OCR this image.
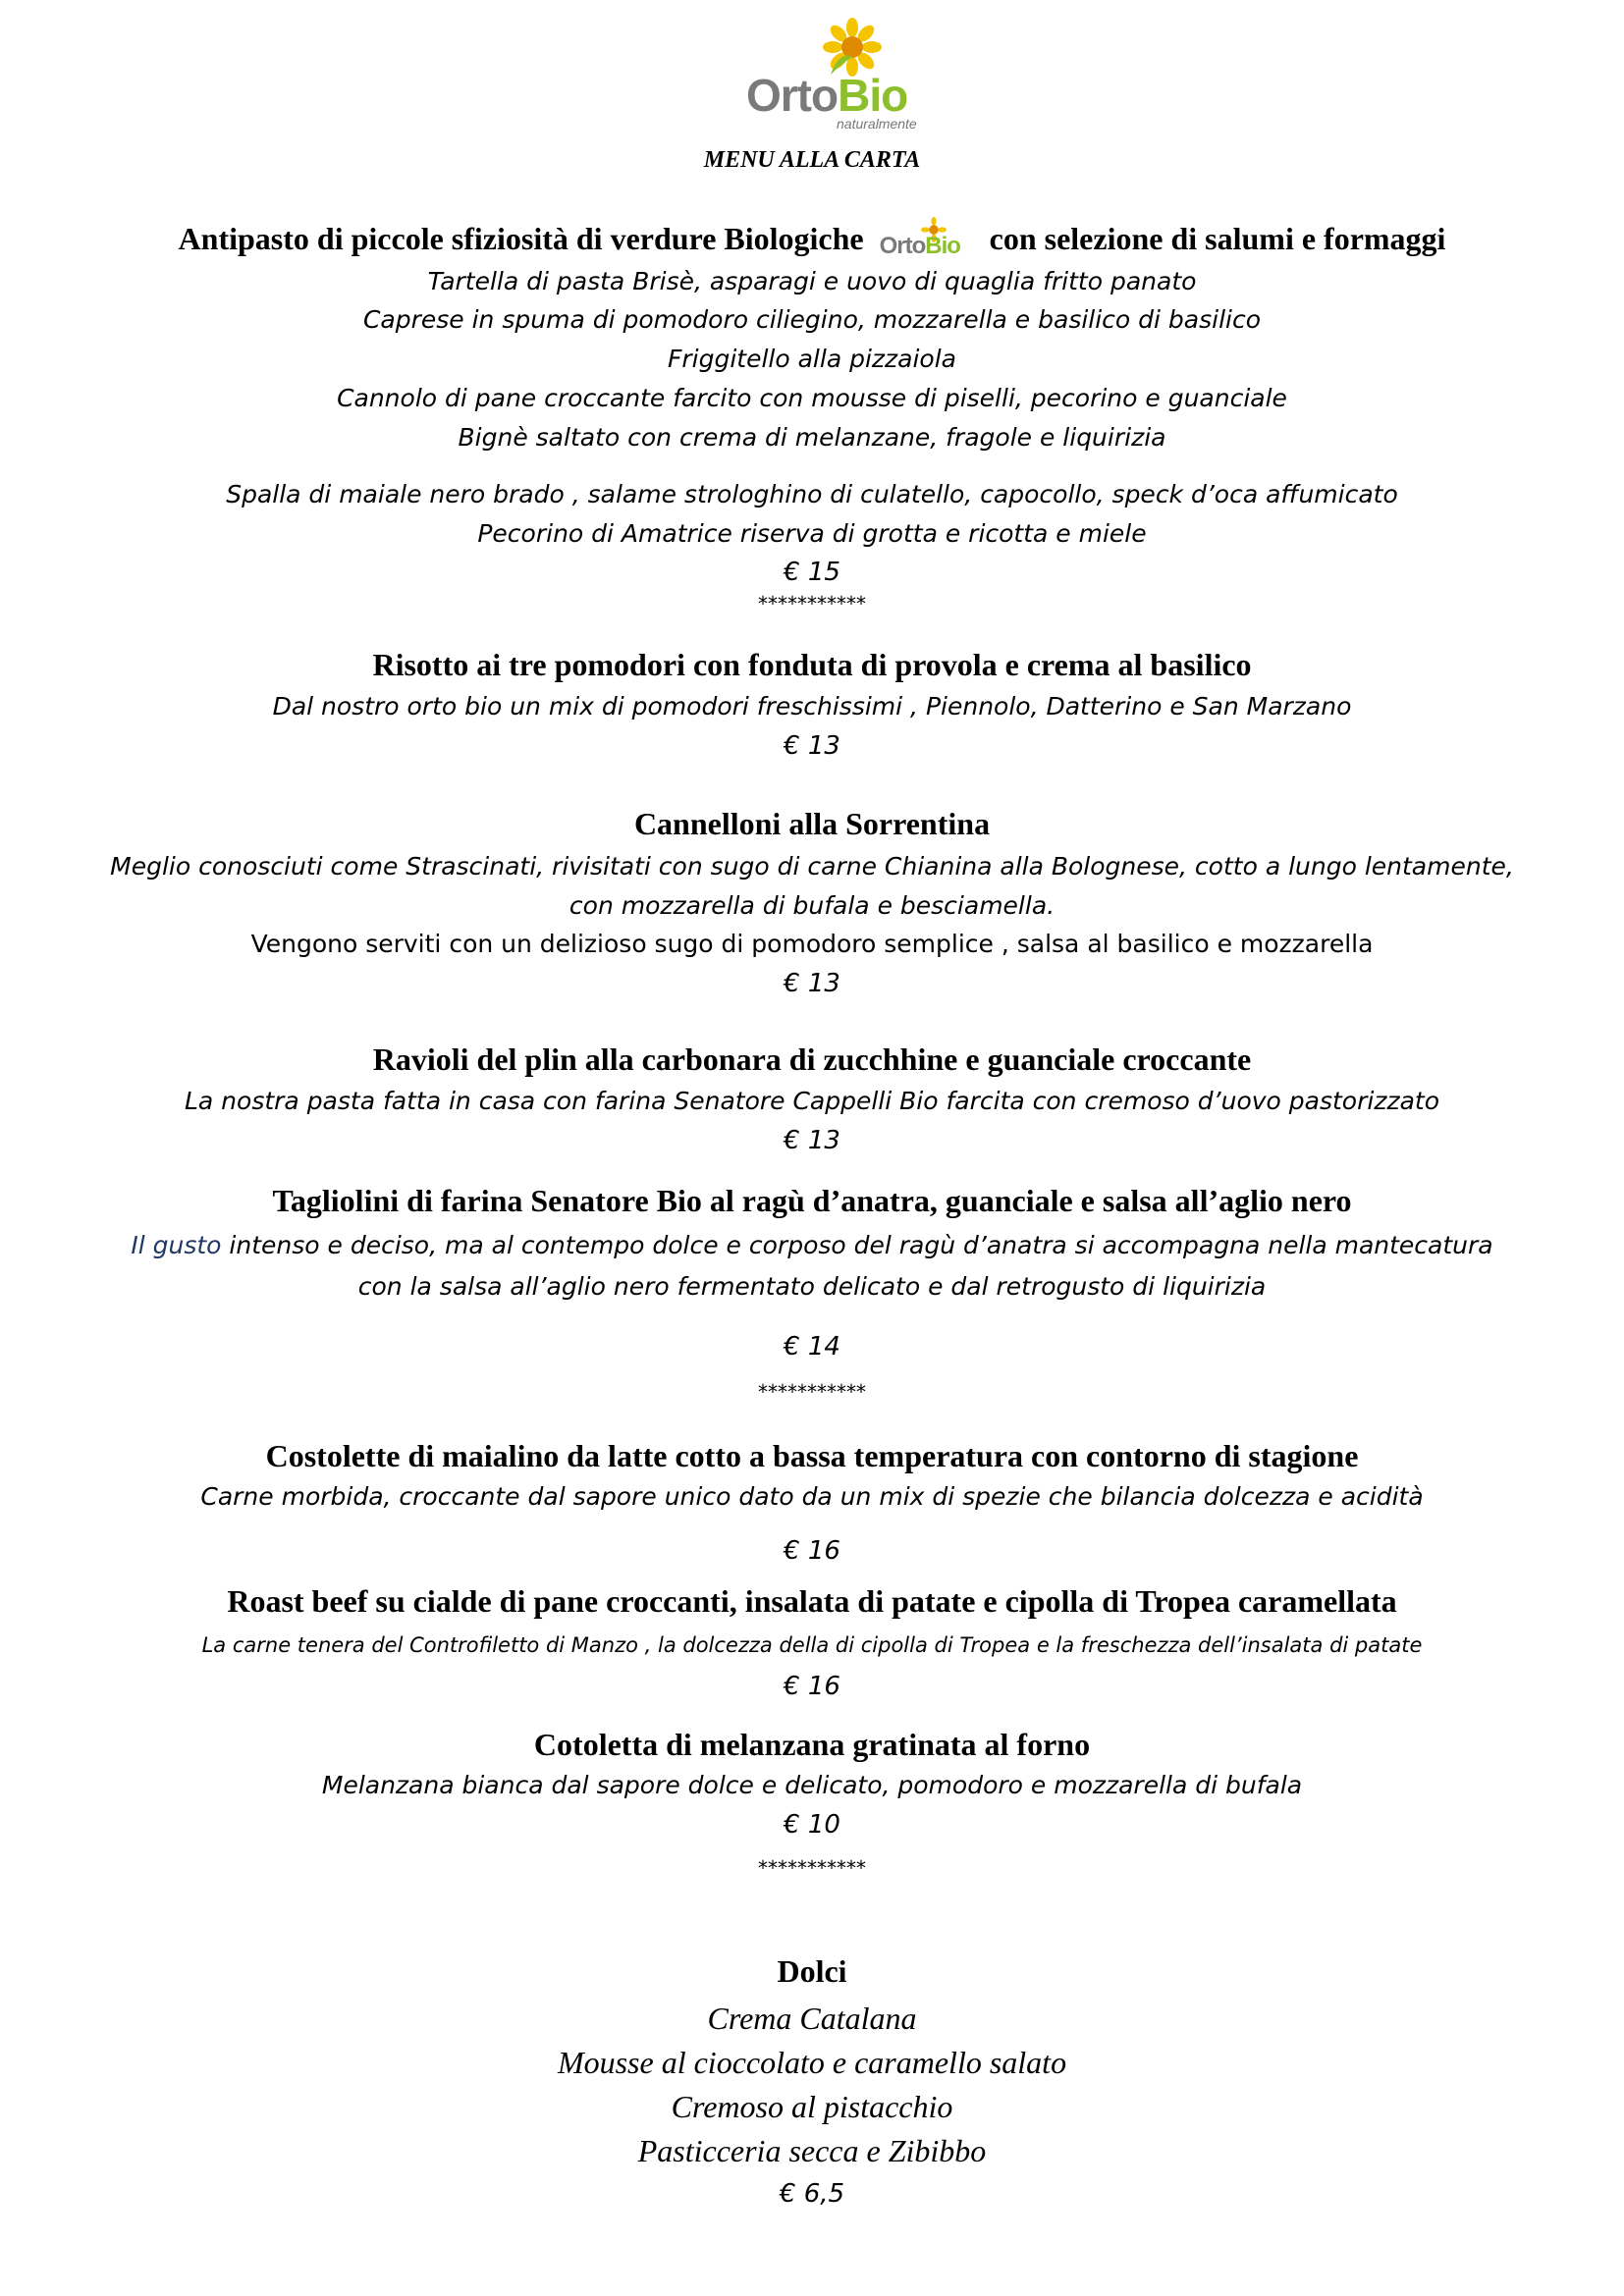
OrtoBio
naturalmente
MENU ALLA CARTA
Antipasto di piccole sfiziosità di verdure Biologiche OrtoBio con selezione di salumi e formaggi
Tartella di pasta Brisè, asparagi e uovo di quaglia fritto panato
Caprese in spuma di pomodoro ciliegino, mozzarella e basilico di basilico
Friggitello alla pizzaiola
Cannolo di pane croccante farcito con mousse di piselli, pecorino e guanciale
Bignè saltato con crema di melanzane, fragole e liquirizia
Spalla di maiale nero brado , salame strologhino di culatello, capocollo, speck d’oca affumicato
Pecorino di Amatrice riserva di grotta e ricotta e miele
€ 15
***********
Risotto ai tre pomodori con fonduta di provola e crema al basilico
Dal nostro orto bio un mix di pomodori freschissimi , Piennolo, Datterino e San Marzano
€ 13
Cannelloni alla Sorrentina
Meglio conosciuti come Strascinati, rivisitati con sugo di carne Chianina alla Bolognese, cotto a lungo lentamente,
con mozzarella di bufala e besciamella.
Vengono serviti con un delizioso sugo di pomodoro semplice , salsa al basilico e mozzarella
€ 13
Ravioli del plin alla carbonara di zucchhine e guanciale croccante
La nostra pasta fatta in casa con farina Senatore Cappelli Bio farcita con cremoso d’uovo pastorizzato
€ 13
Tagliolini di farina Senatore Bio al ragù d’anatra, guanciale e salsa all’aglio nero
Il gusto intenso e deciso, ma al contempo dolce e corposo del ragù d’anatra si accompagna nella mantecatura
con la salsa all’aglio nero fermentato delicato e dal retrogusto di liquirizia
€ 14
***********
Costolette di maialino da latte cotto a bassa temperatura con contorno di stagione
Carne morbida, croccante dal sapore unico dato da un mix di spezie che bilancia dolcezza e acidità
€ 16
Roast beef su cialde di pane croccanti, insalata di patate e cipolla di Tropea caramellata
La carne tenera del Controfiletto di Manzo , la dolcezza della di cipolla di Tropea e la freschezza dell’insalata di patate
€ 16
Cotoletta di melanzana gratinata al forno
Melanzana bianca dal sapore dolce e delicato, pomodoro e mozzarella di bufala
€ 10
***********
Dolci
Crema Catalana
Mousse al cioccolato e caramello salato
Cremoso al pistacchio
Pasticceria secca e Zibibbo
€ 6,5
